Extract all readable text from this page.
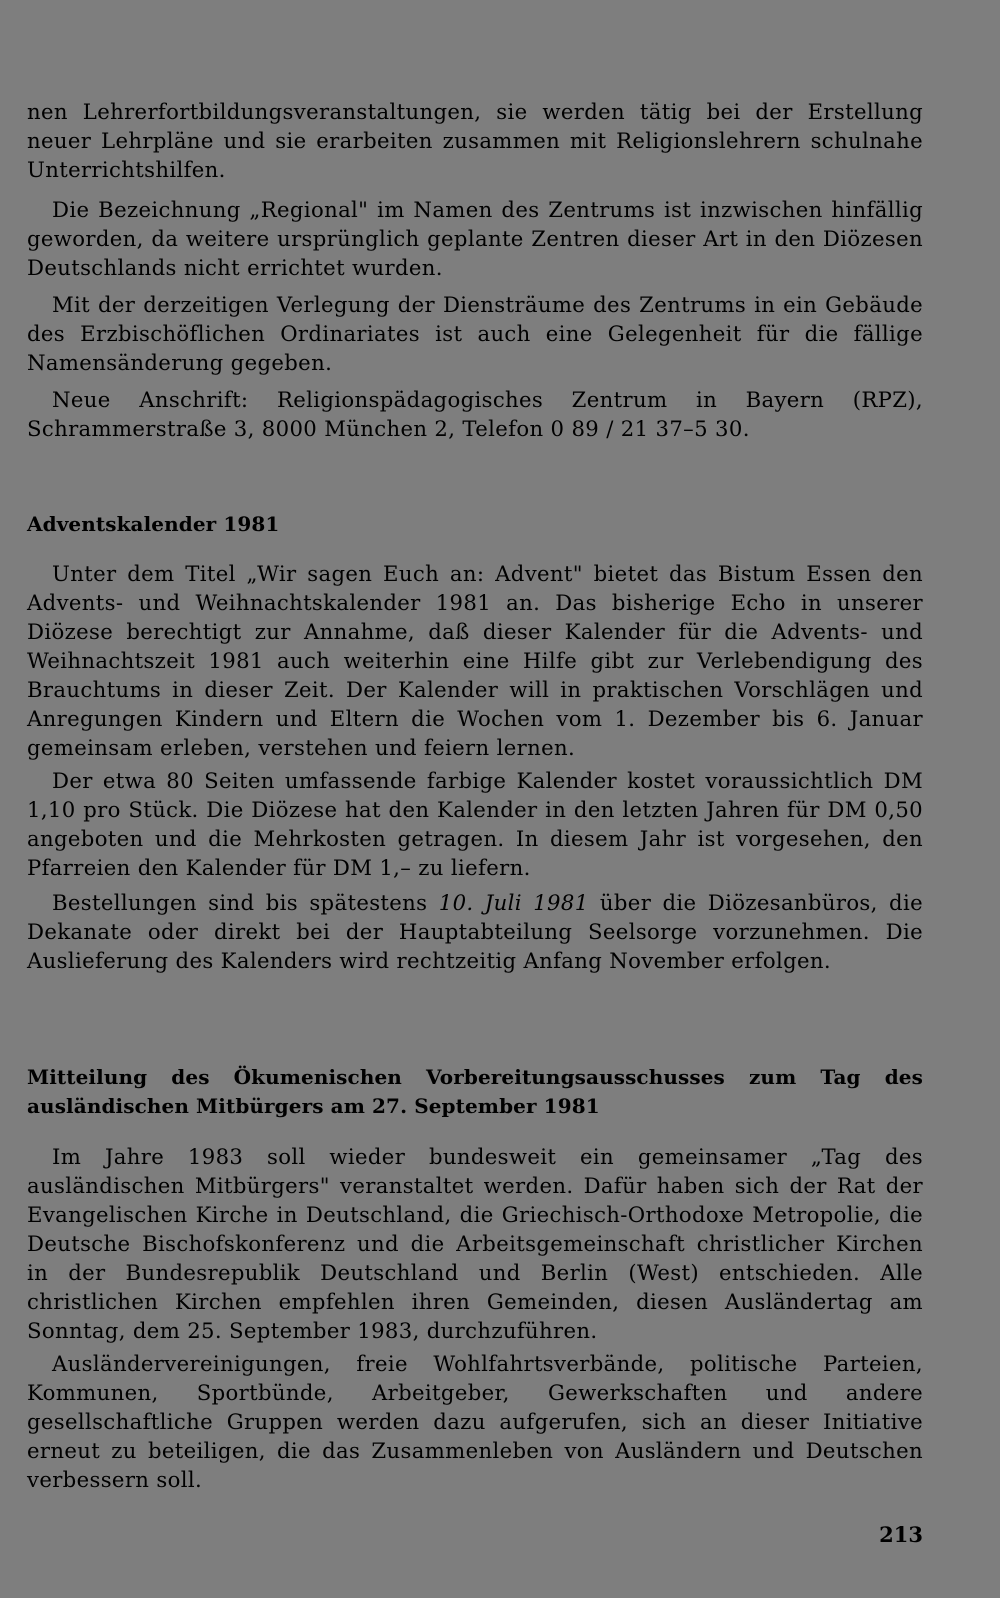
nen Lehrerfortbildungsveranstaltungen, sie werden tätig bei der Erstellung neuer Lehrpläne und sie erarbeiten zusammen mit Religionslehrern schulnahe Unterrichtshilfen.

Die Bezeichnung „Regional" im Namen des Zentrums ist inzwischen hinfällig geworden, da weitere ursprünglich geplante Zentren dieser Art in den Diözesen Deutschlands nicht errichtet wurden.

Mit der derzeitigen Verlegung der Diensträume des Zentrums in ein Gebäude des Erzbischöflichen Ordinariates ist auch eine Gelegenheit für die fällige Namensänderung gegeben.

Neue Anschrift: Religionspädagogisches Zentrum in Bayern (RPZ), Schrammerstraße 3, 8000 München 2, Telefon 0 89 / 21 37–5 30.

Adventskalender 1981

Unter dem Titel „Wir sagen Euch an: Advent" bietet das Bistum Essen den Advents- und Weihnachtskalender 1981 an. Das bisherige Echo in unserer Diözese berechtigt zur Annahme, daß dieser Kalender für die Advents- und Weihnachtszeit 1981 auch weiterhin eine Hilfe gibt zur Verlebendigung des Brauchtums in dieser Zeit. Der Kalender will in praktischen Vorschlägen und Anregungen Kindern und Eltern die Wochen vom 1. Dezember bis 6. Januar gemeinsam erleben, verstehen und feiern lernen.

Der etwa 80 Seiten umfassende farbige Kalender kostet voraussichtlich DM 1,10 pro Stück. Die Diözese hat den Kalender in den letzten Jahren für DM 0,50 angeboten und die Mehrkosten getragen. In diesem Jahr ist vorgesehen, den Pfarreien den Kalender für DM 1,– zu liefern.

Bestellungen sind bis spätestens 10. Juli 1981 über die Diözesanbüros, die Dekanate oder direkt bei der Hauptabteilung Seelsorge vorzunehmen. Die Auslieferung des Kalenders wird rechtzeitig Anfang November erfolgen.

Mitteilung des Ökumenischen Vorbereitungsausschusses zum Tag des ausländischen Mitbürgers am 27. September 1981

Im Jahre 1983 soll wieder bundesweit ein gemeinsamer „Tag des ausländischen Mitbürgers" veranstaltet werden. Dafür haben sich der Rat der Evangelischen Kirche in Deutschland, die Griechisch-Orthodoxe Metropolie, die Deutsche Bischofskonferenz und die Arbeitsgemeinschaft christlicher Kirchen in der Bundesrepublik Deutschland und Berlin (West) entschieden. Alle christlichen Kirchen empfehlen ihren Gemeinden, diesen Ausländertag am Sonntag, dem 25. September 1983, durchzuführen.

Ausländervereinigungen, freie Wohlfahrtsverbände, politische Parteien, Kommunen, Sportbünde, Arbeitgeber, Gewerkschaften und andere gesellschaftliche Gruppen werden dazu aufgerufen, sich an dieser Initiative erneut zu beteiligen, die das Zusammenleben von Ausländern und Deutschen verbessern soll.

213
